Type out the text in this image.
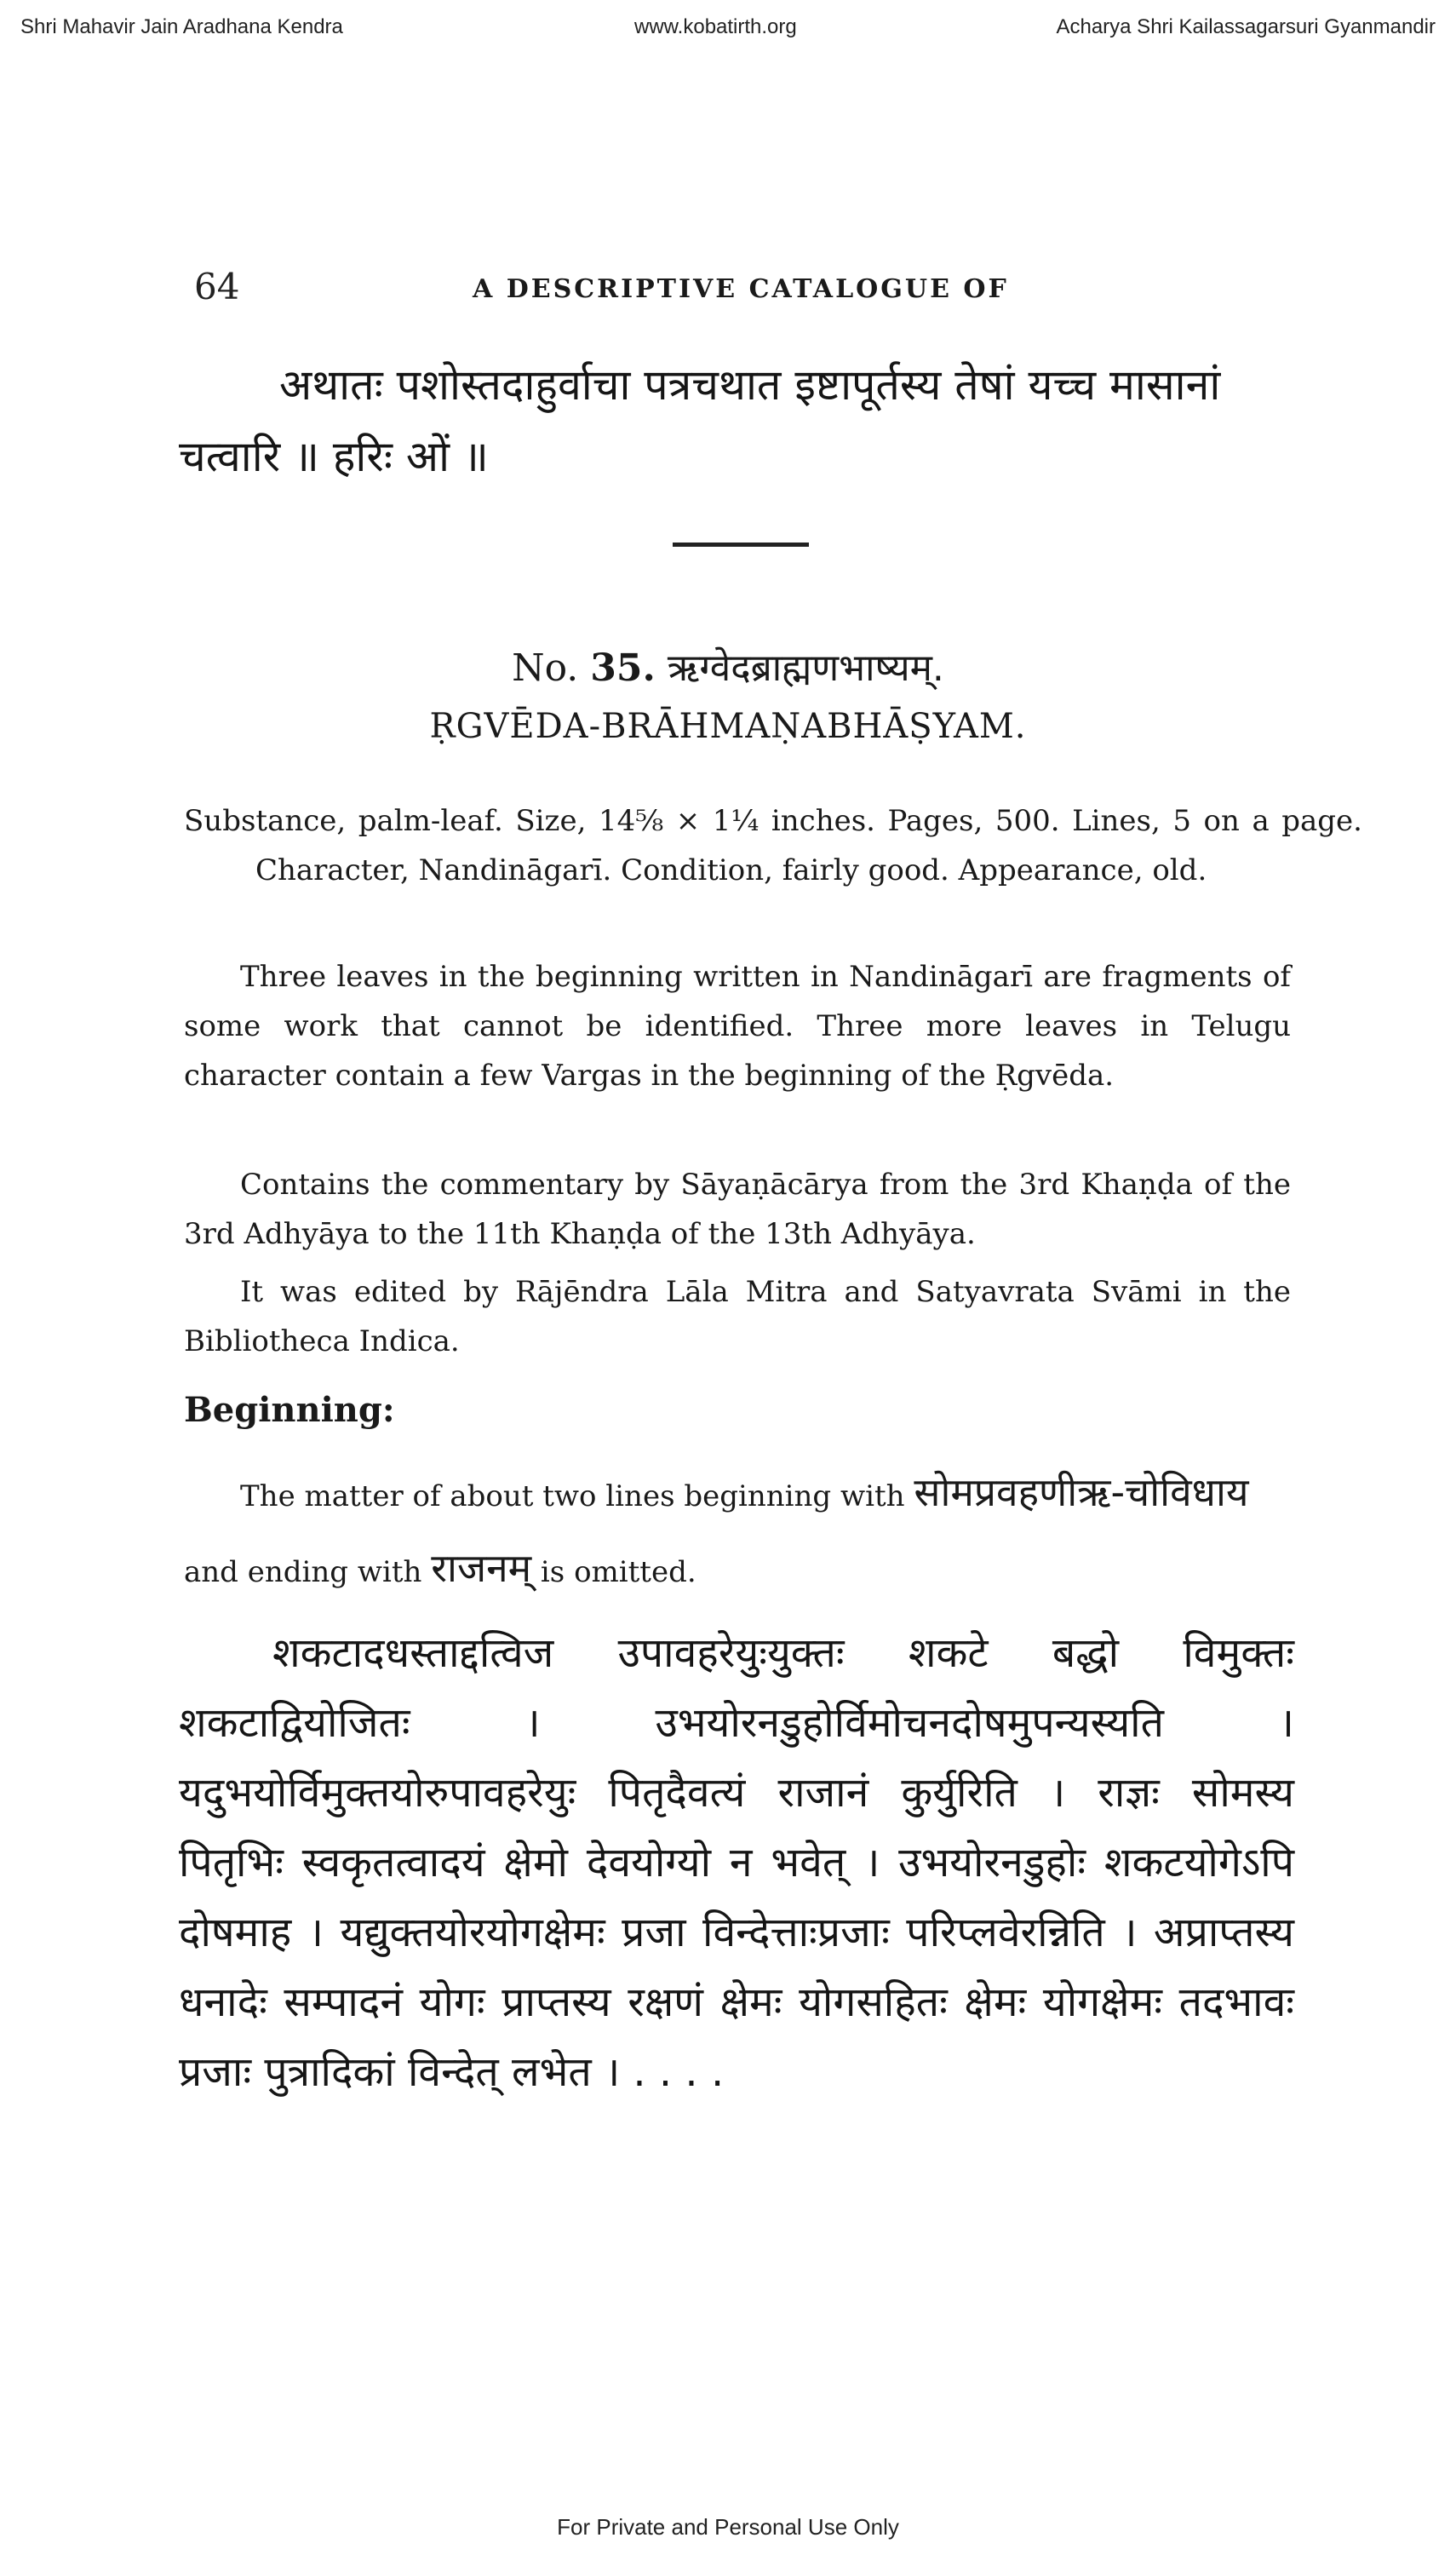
Shri Mahavir Jain Aradhana Kendra	www.kobatirth.org	Acharya Shri Kailassagarsuri Gyanmandir
64	A DESCRIPTIVE CATALOGUE OF
अथातः पशोस्तदाहुर्वाचा पत्रचथात इष्टापूर्तस्य तेषां यच्च मासानां चत्वारि ॥ हरिः ओं ॥
No. 35. ऋग्वेदब्राह्मणभाष्यम्.
ṚGVĒDA-BRĀHMAṆABHĀṢYAM.
Substance, palm-leaf. Size, 14⅝ × 1¼ inches. Pages, 500. Lines, 5 on a page. Character, Nandināgarī. Condition, fairly good. Appearance, old.
Three leaves in the beginning written in Nandināgarī are fragments of some work that cannot be identified. Three more leaves in Telugu character contain a few Vargas in the beginning of the Ṛgvēda.
Contains the commentary by Sāyaṇācārya from the 3rd Khaṇḍa of the 3rd Adhyāya to the 11th Khaṇḍa of the 13th Adhyāya.
It was edited by Rājēndra Lāla Mitra and Satyavrata Svāmi in the Bibliotheca Indica.
Beginning:
The matter of about two lines beginning with सोमप्रवहणीऋ-चोविधाय and ending with राजनम् is omitted.
शकटादधस्ताद्दत्विज उपावहरेयुःयुक्तः शकटे बद्धो विमुक्तः शकटाद्वियोजितः । उभयोरनडुहोर्विमोचनदोषमुपन्यस्यति । यदुभयोर्विमुक्तयोरुपावहरेयुः पितृदैवत्यं राजानं कुर्युरिति । राज्ञः सोमस्य पितृभिः स्वकृतत्वादयं क्षेमो देवयोग्यो न भवेत् । उभयोरनडुहोः शकटयोगेऽपि दोषमाह । यद्युक्तयोरयोगक्षेमः प्रजा विन्देत्ताःप्रजाः परिप्लवेरन्निति । अप्राप्तस्य धनादेः सम्पादनं योगः प्राप्तस्य रक्षणं क्षेमः योगसहितः क्षेमः योगक्षेमः तदभावः प्रजाः पुत्रादिकां विन्देत् लभेत । . . . .
For Private and Personal Use Only
